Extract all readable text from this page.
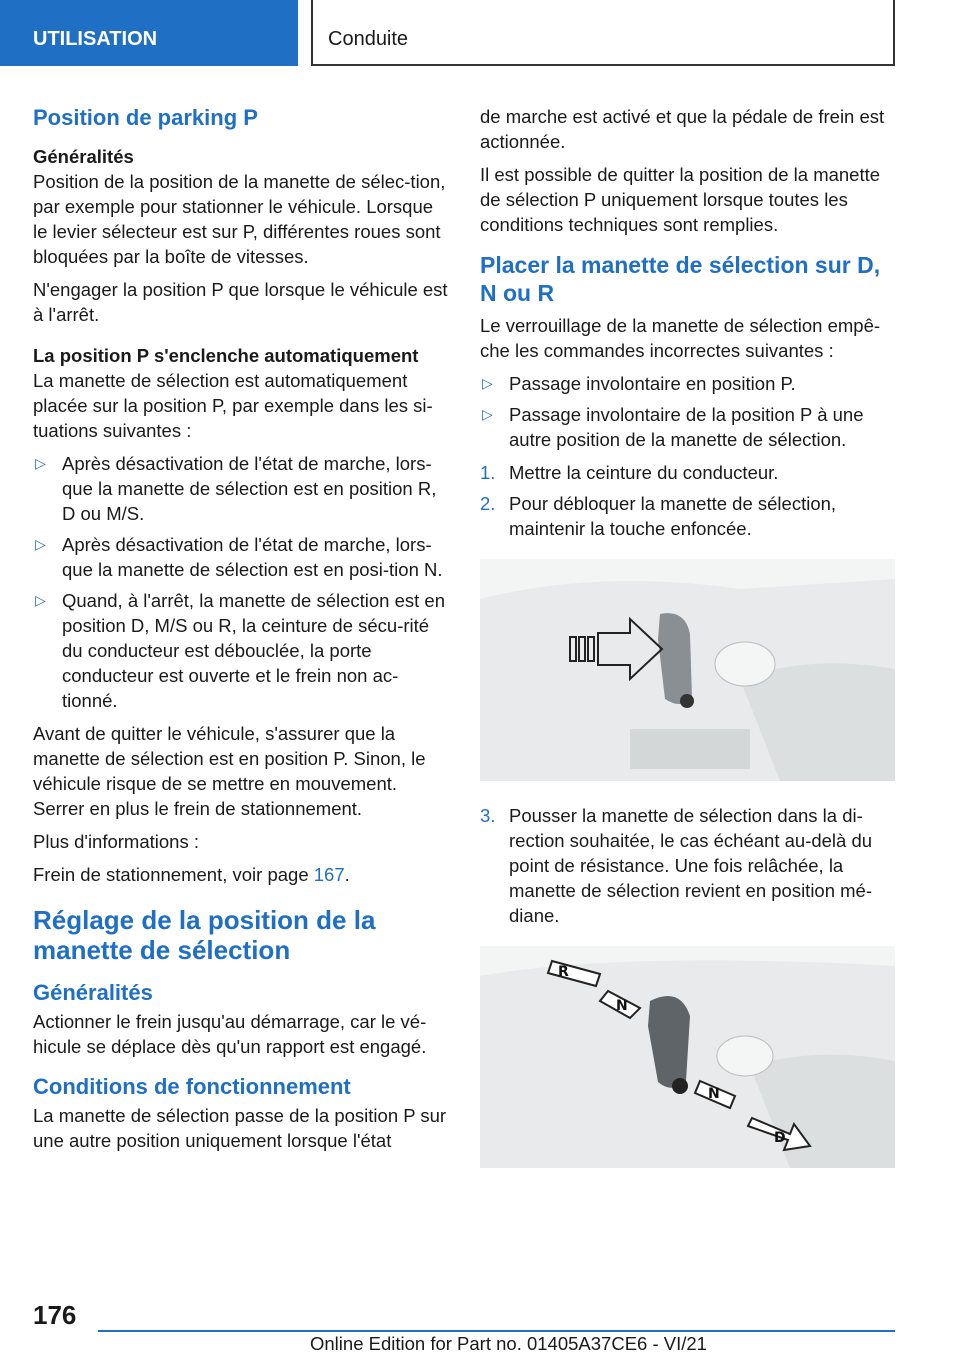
UTILISATION	Conduite
Position de parking P
Généralités

Position de la position de la manette de sélec-tion, par exemple pour stationner le véhicule. Lorsque le levier sélecteur est sur P, différentes roues sont bloquées par la boîte de vitesses.

N'engager la position P que lorsque le véhicule est à l'arrêt.

La position P s'enclenche automatiquement

La manette de sélection est automatiquement placée sur la position P, par exemple dans les si-tuations suivantes :

▷ Après désactivation de l'état de marche, lors-que la manette de sélection est en position R, D ou M/S.
▷ Après désactivation de l'état de marche, lors-que la manette de sélection est en posi-tion N.
▷ Quand, à l'arrêt, la manette de sélection est en position D, M/S ou R, la ceinture de sécu-rité du conducteur est débouclée, la porte conducteur est ouverte et le frein non ac-tionné.

Avant de quitter le véhicule, s'assurer que la manette de sélection est en position P. Sinon, le véhicule risque de se mettre en mouvement. Serrer en plus le frein de stationnement.

Plus d'informations :

Frein de stationnement, voir page 167.

Réglage de la position de la manette de sélection
Généralités

Actionner le frein jusqu'au démarrage, car le vé-hicule se déplace dès qu'un rapport est engagé.

Conditions de fonctionnement

La manette de sélection passe de la position P sur une autre position uniquement lorsque l'état

de marche est activé et que la pédale de frein est actionnée.

Il est possible de quitter la position de la manette de sélection P uniquement lorsque toutes les conditions techniques sont remplies.

Placer la manette de sélection sur D, N ou R

Le verrouillage de la manette de sélection empê-che les commandes incorrectes suivantes :

▷ Passage involontaire en position P.
▷ Passage involontaire de la position P à une autre position de la manette de sélection.
1. Mettre la ceinture du conducteur.
2. Pour débloquer la manette de sélection, maintenir la touche enfoncée.
3. Pousser la manette de sélection dans la di-rection souhaitée, le cas échéant au-delà du point de résistance. Une fois relâchée, la manette de sélection revient en position mé-diane.
R
N
N
D
176
Online Edition for Part no. 01405A37CE6 - VI/21
